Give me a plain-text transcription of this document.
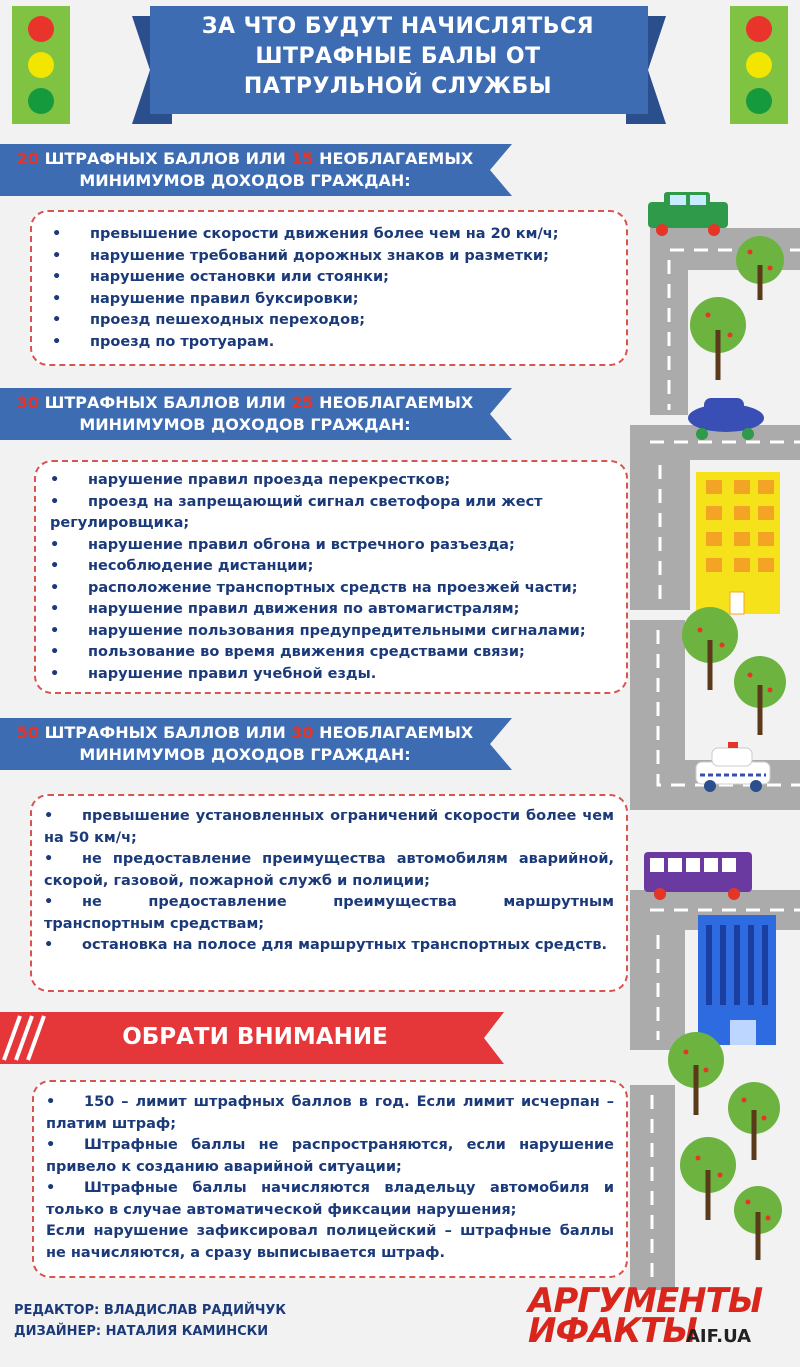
ЗА ЧТО БУДУТ НАЧИСЛЯТЬСЯ
ШТРАФНЫЕ БАЛЫ ОТ
ПАТРУЛЬНОЙ СЛУЖБЫ
20 ШТРАФНЫХ БАЛЛОВ ИЛИ 15 НЕОБЛАГАЕМЫХ
МИНИМУМОВ ДОХОДОВ ГРАЖДАН:
• превышение скорости движения более чем на 20 км/ч;
• нарушение требований дорожных знаков и разметки;
• нарушение остановки или стоянки;
• нарушение правил буксировки;
• проезд пешеходных переходов;
• проезд по тротуарам.
30 ШТРАФНЫХ БАЛЛОВ ИЛИ 25 НЕОБЛАГАЕМЫХ
МИНИМУМОВ ДОХОДОВ ГРАЖДАН:
• нарушение правил проезда перекрестков;
• проезд на запрещающий сигнал светофора или жест регулировщика;
• нарушение правил обгона и встречного разъезда;
• несоблюдение дистанции;
• расположение транспортных средств на проезжей части;
• нарушение правил движения по автомагистралям;
• нарушение пользования предупредительными сигналами;
• пользование во время движения средствами связи;
• нарушение правил учебной езды.
50 ШТРАФНЫХ БАЛЛОВ ИЛИ 30 НЕОБЛАГАЕМЫХ
МИНИМУМОВ ДОХОДОВ ГРАЖДАН:
• превышение установленных ограничений скорости более чем на 50 км/ч;
• не предоставление преимущества автомобилям аварийной, скорой, газовой, пожарной служб и полиции;
• не предоставление преимущества маршрутным транспортным средствам;
• остановка на полосе для маршрутных транспортных средств.
ОБРАТИ ВНИМАНИЕ
• 150 – лимит штрафных баллов в год. Если лимит исчерпан – платим штраф;
• Штрафные баллы не распространяются, если нарушение привело к созданию аварийной ситуации;
• Штрафные баллы начисляются владельцу автомобиля и только в случае автоматической фиксации нарушения;
Если нарушение зафиксировал полицейский – штрафные баллы не начисляются, а сразу выписывается штраф.
РЕДАКТОР: ВЛАДИСЛАВ РАДИЙЧУК
ДИЗАЙНЕР: НАТАЛИЯ КАМИНСКИ
АРГУМЕНТЫ
ИФАКТЫ
AIF.UA
